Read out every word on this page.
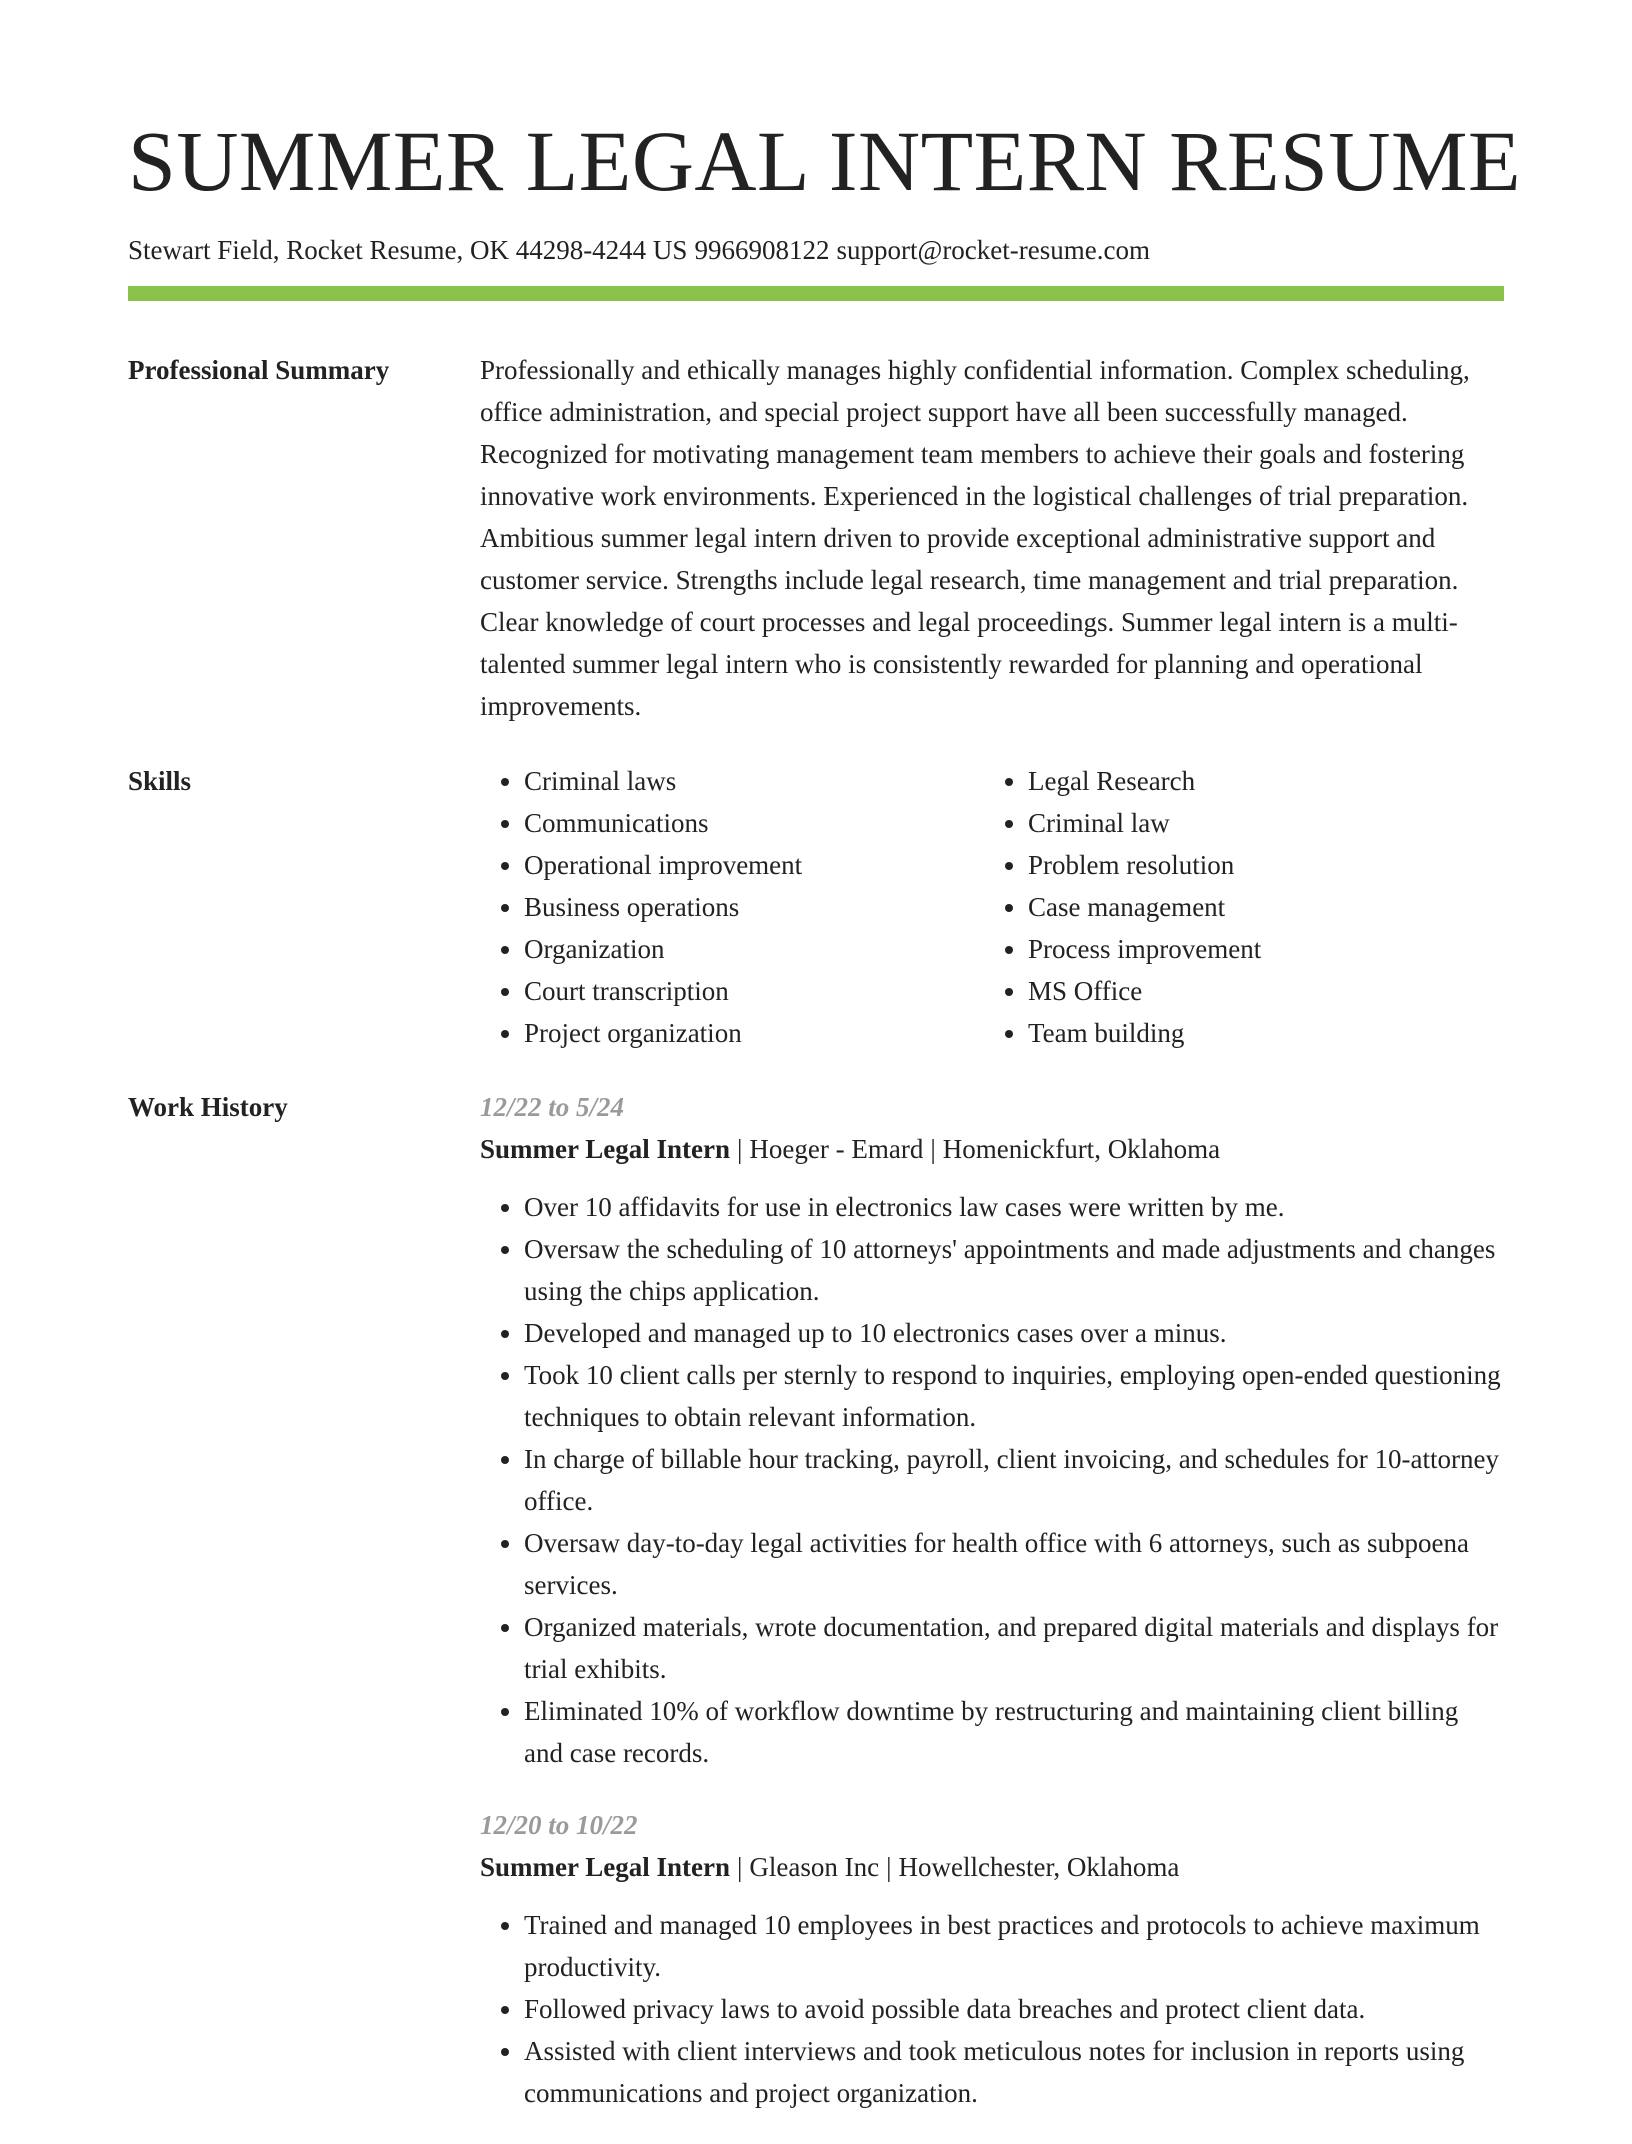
SUMMER LEGAL INTERN RESUME
Stewart Field, Rocket Resume, OK 44298-4244 US 9966908122 support@rocket-resume.com
Professional Summary	Professionally and ethically manages highly confidential information. Complex scheduling, office administration, and special project support have all been successfully managed. Recognized for motivating management team members to achieve their goals and fostering innovative work environments. Experienced in the logistical challenges of trial preparation. Ambitious summer legal intern driven to provide exceptional administrative support and customer service. Strengths include legal research, time management and trial preparation. Clear knowledge of court processes and legal proceedings. Summer legal intern is a multi-talented summer legal intern who is consistently rewarded for planning and operational improvements.

Skills
•	Criminal laws
• Communications
• Operational improvement
• Business operations
• Organization
• Court transcription
• Project organization
• Legal Research
• Criminal law
• Problem resolution
• Case management
• Process improvement
• MS Office
• Team building
Work History	12/22 to 5/24
Summer Legal Intern | Hoeger - Emard | Homenickfurt, Oklahoma
• Over 10 affidavits for use in electronics law cases were written by me.
• Oversaw the scheduling of 10 attorneys' appointments and made adjustments and changes using the chips application.
• Developed and managed up to 10 electronics cases over a minus.
• Took 10 client calls per sternly to respond to inquiries, employing open-ended questioning techniques to obtain relevant information.
• In charge of billable hour tracking, payroll, client invoicing, and schedules for 10-attorney office.
• Oversaw day-to-day legal activities for health office with 6 attorneys, such as subpoena services.
• Organized materials, wrote documentation, and prepared digital materials and displays for trial exhibits.
• Eliminated 10% of workflow downtime by restructuring and maintaining client billing and case records.
12/20 to 10/22
Summer Legal Intern | Gleason Inc | Howellchester, Oklahoma
• Trained and managed 10 employees in best practices and protocols to achieve maximum productivity.
• Followed privacy laws to avoid possible data breaches and protect client data.
• Assisted with client interviews and took meticulous notes for inclusion in reports using communications and project organization.
